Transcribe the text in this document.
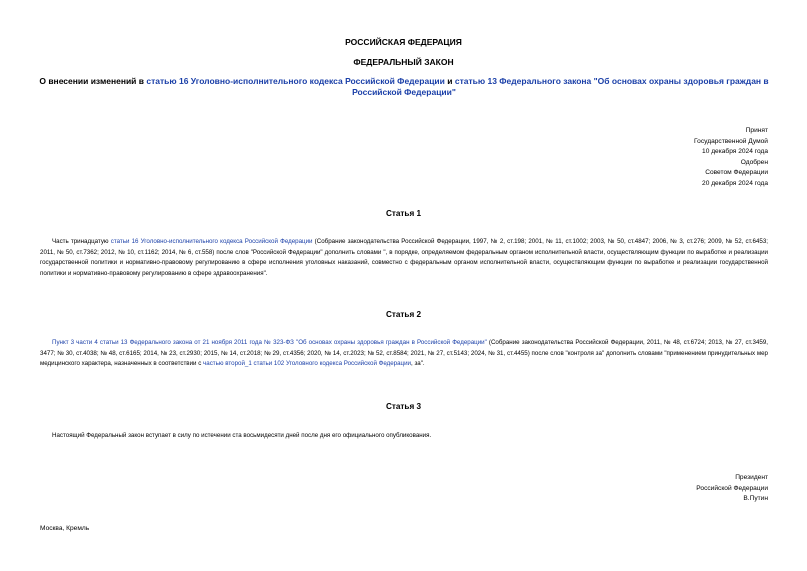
РОССИЙСКАЯ ФЕДЕРАЦИЯ
ФЕДЕРАЛЬНЫЙ ЗАКОН
О внесении изменений в статью 16 Уголовно-исполнительного кодекса Российской Федерации и статью 13 Федерального закона "Об основах охраны здоровья граждан в Российской Федерации"
Принят
Государственной Думой
10 декабря 2024 года
Одобрен
Советом Федерации
20 декабря 2024 года
Статья 1
Часть тринадцатую статьи 16 Уголовно-исполнительного кодекса Российской Федерации (Собрание законодательства Российской Федерации, 1997, № 2, ст.198; 2001, № 11, ст.1002; 2003, № 50, ст.4847; 2006, № 3, ст.276; 2009, № 52, ст.6453; 2011, № 50, ст.7362; 2012, № 10, ст.1162; 2014, № 6, ст.558) после слов "Российской Федерации" дополнить словами ", в порядке, определяемом федеральным органом исполнительной власти, осуществляющим функции по выработке и реализации государственной политики и нормативно-правовому регулированию в сфере исполнения уголовных наказаний, совместно с федеральным органом исполнительной власти, осуществляющим функции по выработке и реализации государственной политики и нормативно-правовому регулированию в сфере здравоохранения".
Статья 2
Пункт 3 части 4 статьи 13 Федерального закона от 21 ноября 2011 года № 323-ФЗ "Об основах охраны здоровья граждан в Российской Федерации" (Собрание законодательства Российской Федерации, 2011, № 48, ст.6724; 2013, № 27, ст.3459, 3477; № 30, ст.4038; № 48, ст.6165; 2014, № 23, ст.2930; 2015, № 14, ст.2018; № 29, ст.4356; 2020, № 14, ст.2023; № 52, ст.8584; 2021, № 27, ст.5143; 2024, № 31, ст.4455) после слов "контроля за" дополнить словами "применением принудительных мер медицинского характера, назначенных в соответствии с частью второй_1 статьи 102 Уголовного кодекса Российской Федерации, за".
Статья 3
Настоящий Федеральный закон вступает в силу по истечении ста восьмидесяти дней после дня его официального опубликования.
Президент
Российской Федерации
В.Путин
Москва, Кремль
